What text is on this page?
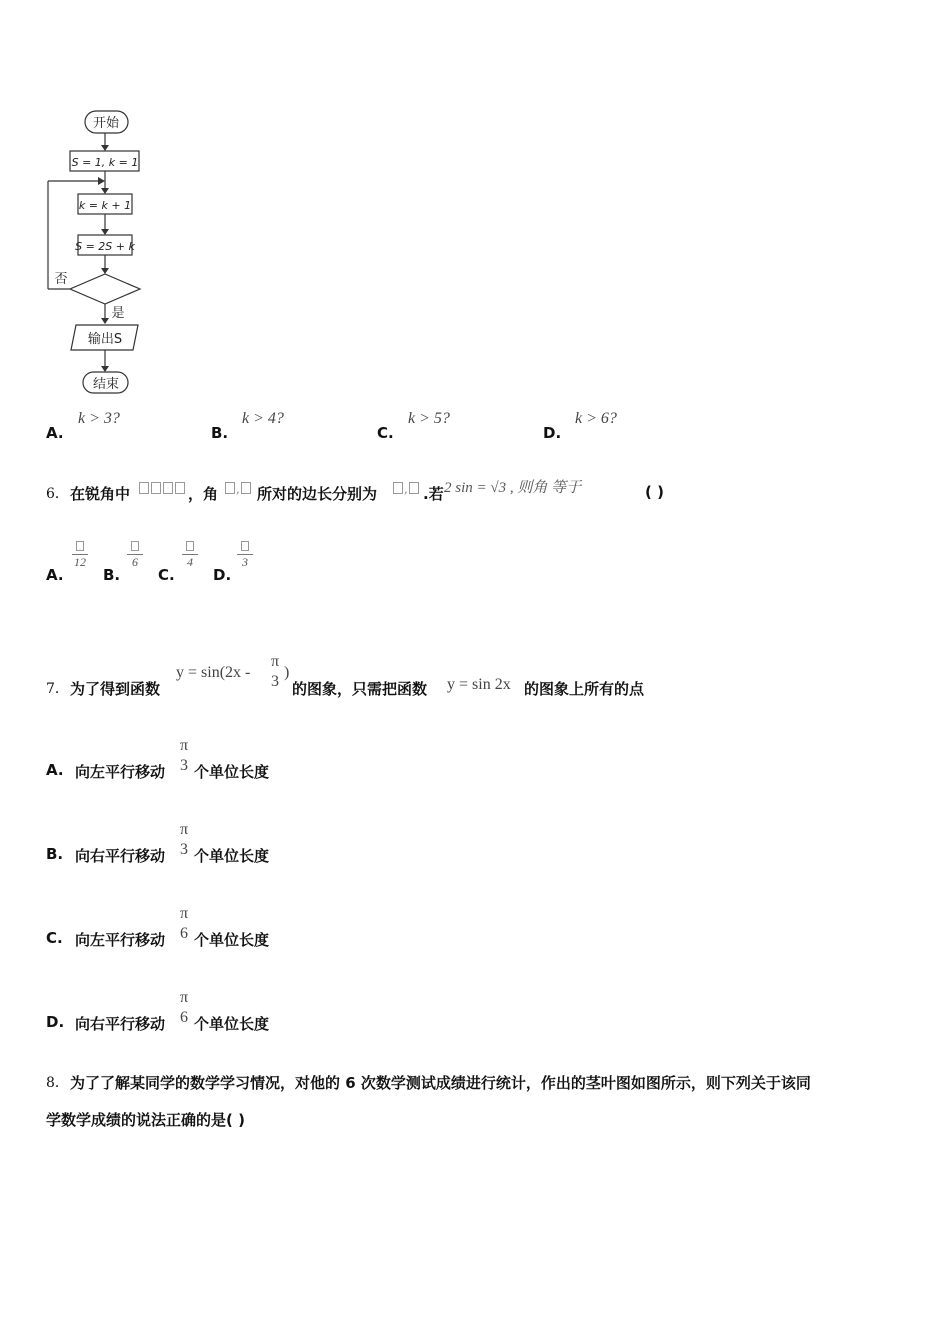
开始
S = 1, k = 1
k = k + 1
S = 2S + k
否
是
输出S
结束
A.
k > 3?
B.
k > 4?
C.
k > 5?
D.
k > 6?
6． 在锐角中	，角	,	所对的边长分别为	,	.若 2 sin = √3 , 则角 等于	( )
A.
12
B.
6
C.
4
D.
3
7． 为了得到函数
y = sin(2x -
π
3
)
的图象，只需把函数 y = sin 2x 的图象上所有的点
A. 向左平行移动
π
3 个单位长度
B. 向右平行移动
π
3 个单位长度
C. 向左平行移动
π
6 个单位长度
D. 向右平行移动
π
6 个单位长度
8． 为了了解某同学的数学学习情况，对他的 6 次数学测试成绩进行统计，作出的茎叶图如图所示，则下列关于该同
学数学成绩的说法正确的是( )
